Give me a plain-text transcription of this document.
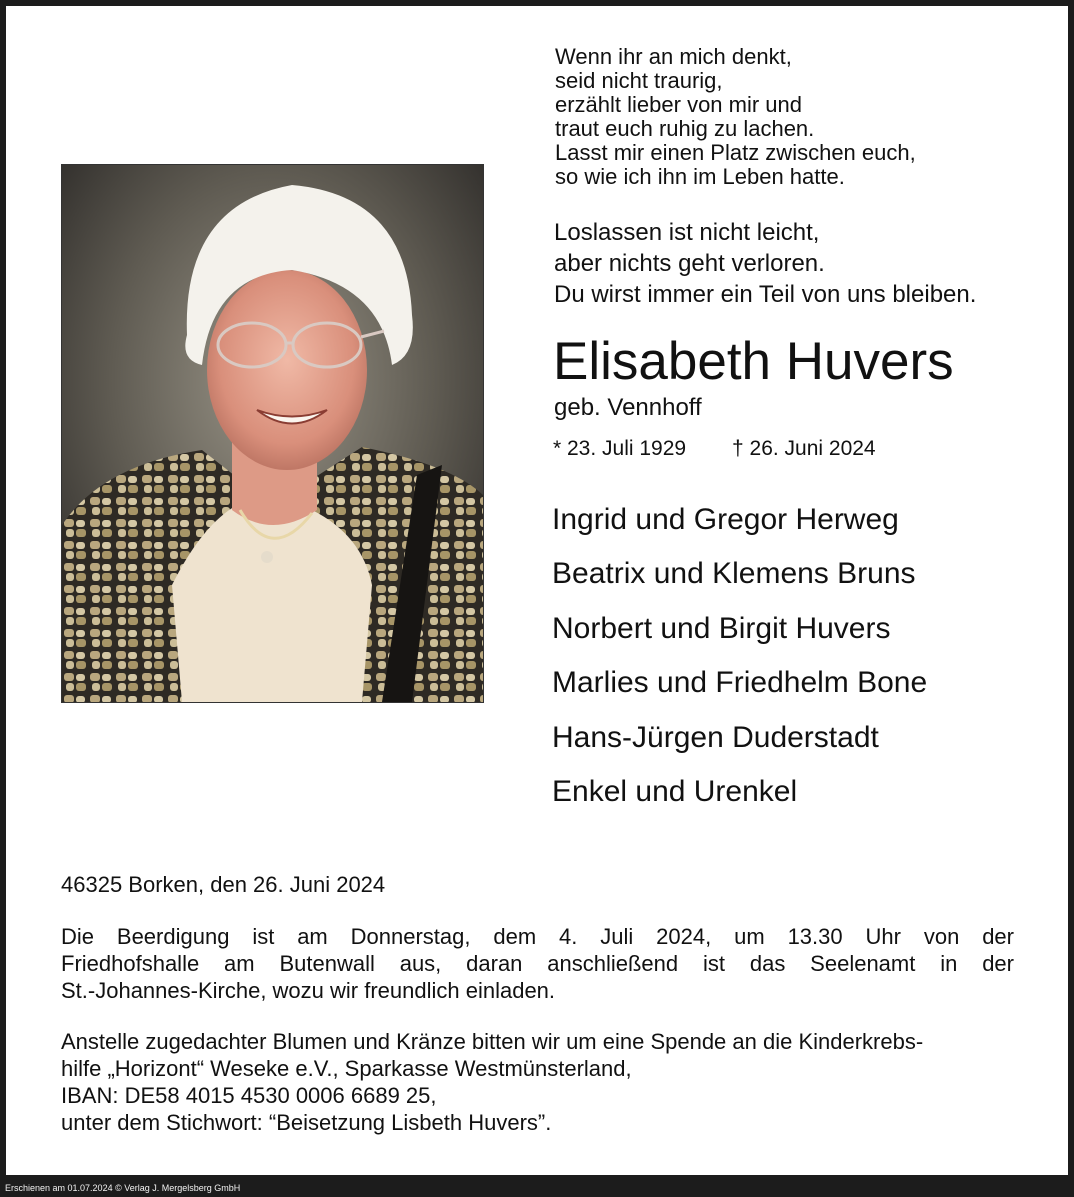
Wenn ihr an mich denkt,
seid nicht traurig,
erzählt lieber von mir und
traut euch ruhig zu lachen.
Lasst mir einen Platz zwischen euch,
so wie ich ihn im Leben hatte.
Loslassen ist nicht leicht,
aber nichts geht verloren.
Du wirst immer ein Teil von uns bleiben.
Elisabeth Huvers
geb. Vennhoff
* 23. Juli 1929 † 26. Juni 2024
Ingrid und Gregor Herweg
Beatrix und Klemens Bruns
Norbert und Birgit Huvers
Marlies und Friedhelm Bone
Hans-Jürgen Duderstadt
Enkel und Urenkel
46325 Borken, den 26. Juni 2024
Die Beerdigung ist am Donnerstag, dem 4. Juli 2024, um 13.30 Uhr von der
Friedhofshalle am Butenwall aus, daran anschließend ist das Seelenamt in der
St.-Johannes-Kirche, wozu wir freundlich einladen.
Anstelle zugedachter Blumen und Kränze bitten wir um eine Spende an die Kinderkrebs-
hilfe „Horizont“ Weseke e.V., Sparkasse Westmünsterland,
IBAN: DE58 4015 4530 0006 6689 25,
unter dem Stichwort: “Beisetzung Lisbeth Huvers”.
Erschienen am 01.07.2024 © Verlag J. Mergelsberg GmbH
